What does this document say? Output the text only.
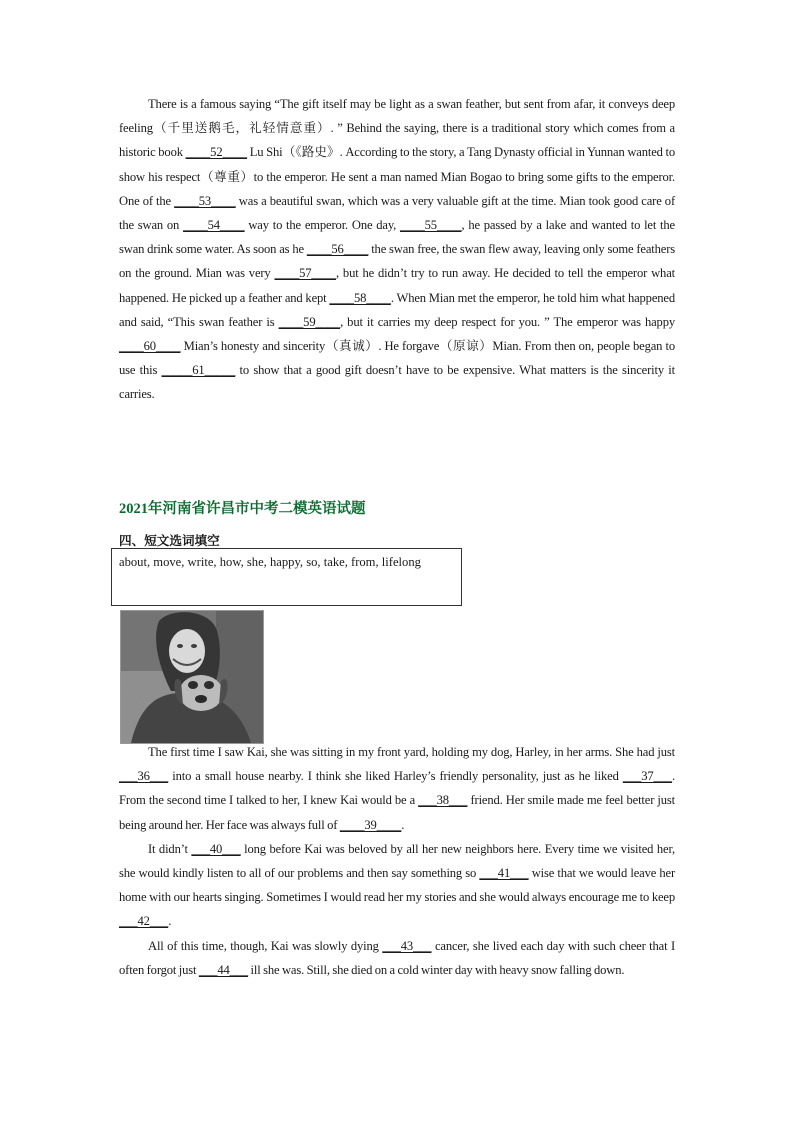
There is a famous saying “The gift itself may be light as a swan feather, but sent from afar, it conveys deep feeling（千里送鹅毛，礼轻情意重）. ” Behind the saying, there is a traditional story which comes from a historic book ____52____ Lu Shi（《路史》. According to the story, a Tang Dynasty official in Yunnan wanted to show his respect（尊重）to the emperor. He sent a man named Mian Bogao to bring some gifts to the emperor. One of the ____53____ was a beautiful swan, which was a very valuable gift at the time. Mian took good care of the swan on ____54____ way to the emperor. One day, ____55____, he passed by a lake and wanted to let the swan drink some water. As soon as he ____56____ the swan free, the swan flew away, leaving only some feathers on the ground. Mian was very ____57____, but he didn’t try to run away. He decided to tell the emperor what happened. He picked up a feather and kept ____58____. When Mian met the emperor, he told him what happened and said, “This swan feather is ____59____, but it carries my deep respect for you. ” The emperor was happy ____60____ Mian’s honesty and sincerity（真诚）. He forgave（原谅）Mian. From then on, people began to use this _____61_____ to show that a good gift doesn’t have to be expensive. What matters is the sincerity it carries.

2021年河南省许昌市中考二模英语试题
四、短文选词填空
about, move, write, how, she, happy, so, take, from, lifelong

The first time I saw Kai, she was sitting in my front yard, holding my dog, Harley, in her arms. She had just ___36___ into a small house nearby. I think she liked Harley’s friendly personality, just as he liked ___37___. From the second time I talked to her, I knew Kai would be a ___38___ friend. Her smile made me feel better just being around her. Her face was always full of ____39____.

It didn’t ___40___ long before Kai was beloved by all her new neighbors here. Every time we visited her, she would kindly listen to all of our problems and then say something so ___41___ wise that we would leave her home with our hearts singing. Sometimes I would read her my stories and she would always encourage me to keep ___42___.

All of this time, though, Kai was slowly dying ___43___ cancer, she lived each day with such cheer that I often forgot just ___44___ ill she was. Still, she died on a cold winter day with heavy snow falling down.
